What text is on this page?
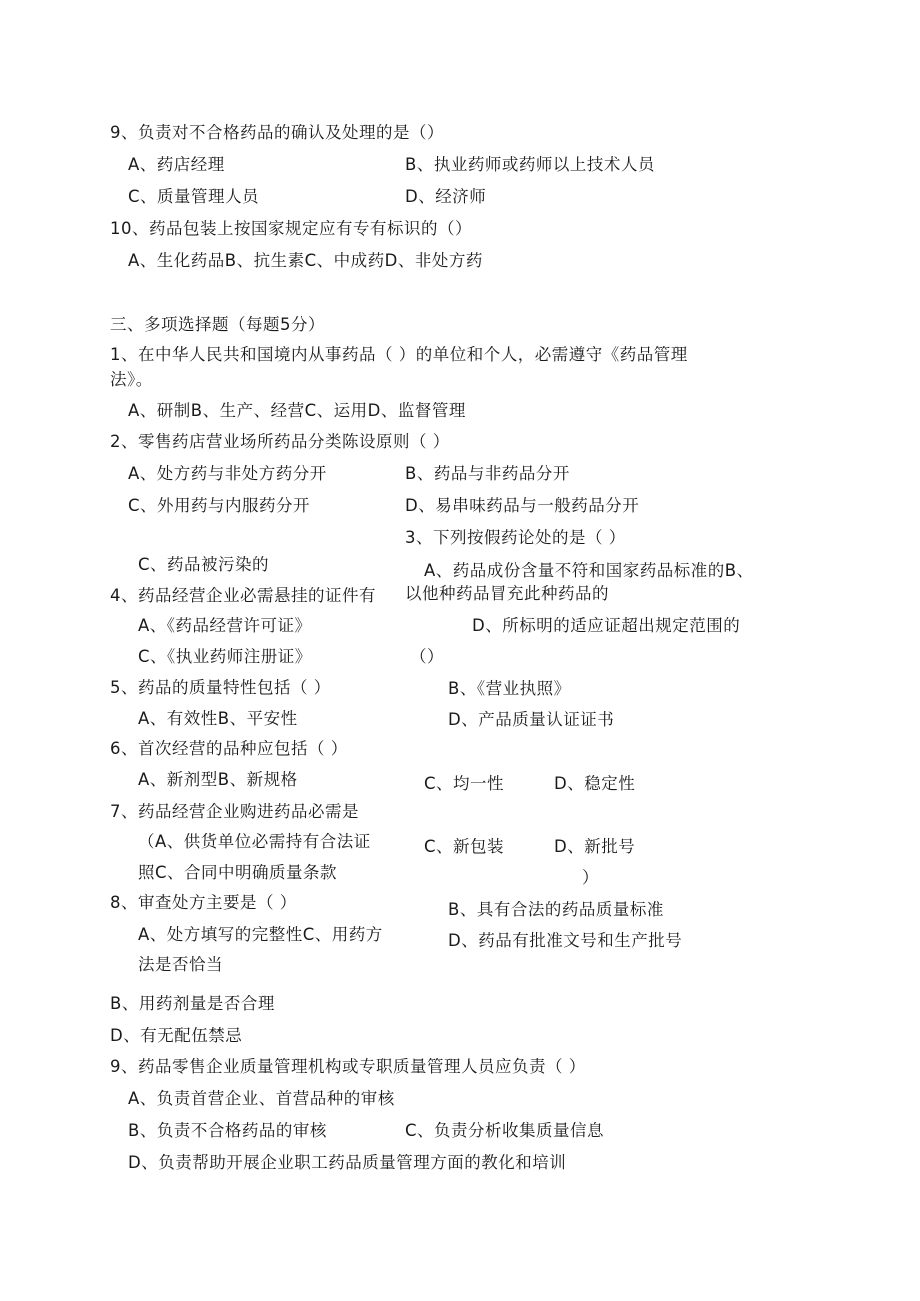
9、负责对不合格药品的确认及处理的是（）
A、药店经理	B、执业药师或药师以上技术人员
C、质量管理人员	D、经济师
10、药品包装上按国家规定应有专有标识的（）
A、生化药品B、抗生素C、中成药D、非处方药
三、多项选择题（每题5分）
1、在中华人民共和国境内从事药品（ ）的单位和个人，必需遵守《药品管理
法》。
A、研制B、生产、经营C、运用D、监督管理
2、零售药店营业场所药品分类陈设原则（ ）
A、处方药与非处方药分开	B、药品与非药品分开
C、外用药与内服药分开	D、易串味药品与一般药品分开
3、下列按假药论处的是（ ）
C、药品被污染的	A、药品成份含量不符和国家药品标准的B、
4、药品经营企业必需悬挂的证件有 以他种药品冒充此种药品的
A、《药品经营许可证》	D、所标明的适应证超出规定范围的
C、《执业药师注册证》	（）
5、药品的质量特性包括（ ）	B、《营业执照》
A、有效性B、平安性	D、产品质量认证证书
6、首次经营的品种应包括（ ）
A、新剂型B、新规格	C、均一性	D、稳定性
7、药品经营企业购进药品必需是
（A、供货单位必需持有合法证	C、新包装	D、新批号
照C、合同中明确质量条款	）
8、审查处方主要是（ ）	B、具有合法的药品质量标准
A、处方填写的完整性C、用药方	D、药品有批准文号和生产批号
法是否恰当
B、用药剂量是否合理
D、有无配伍禁忌
9、药品零售企业质量管理机构或专职质量管理人员应负责（ ）
A、负责首营企业、首营品种的审核
B、负责不合格药品的审核	C、负责分析收集质量信息
D、负责帮助开展企业职工药品质量管理方面的教化和培训
